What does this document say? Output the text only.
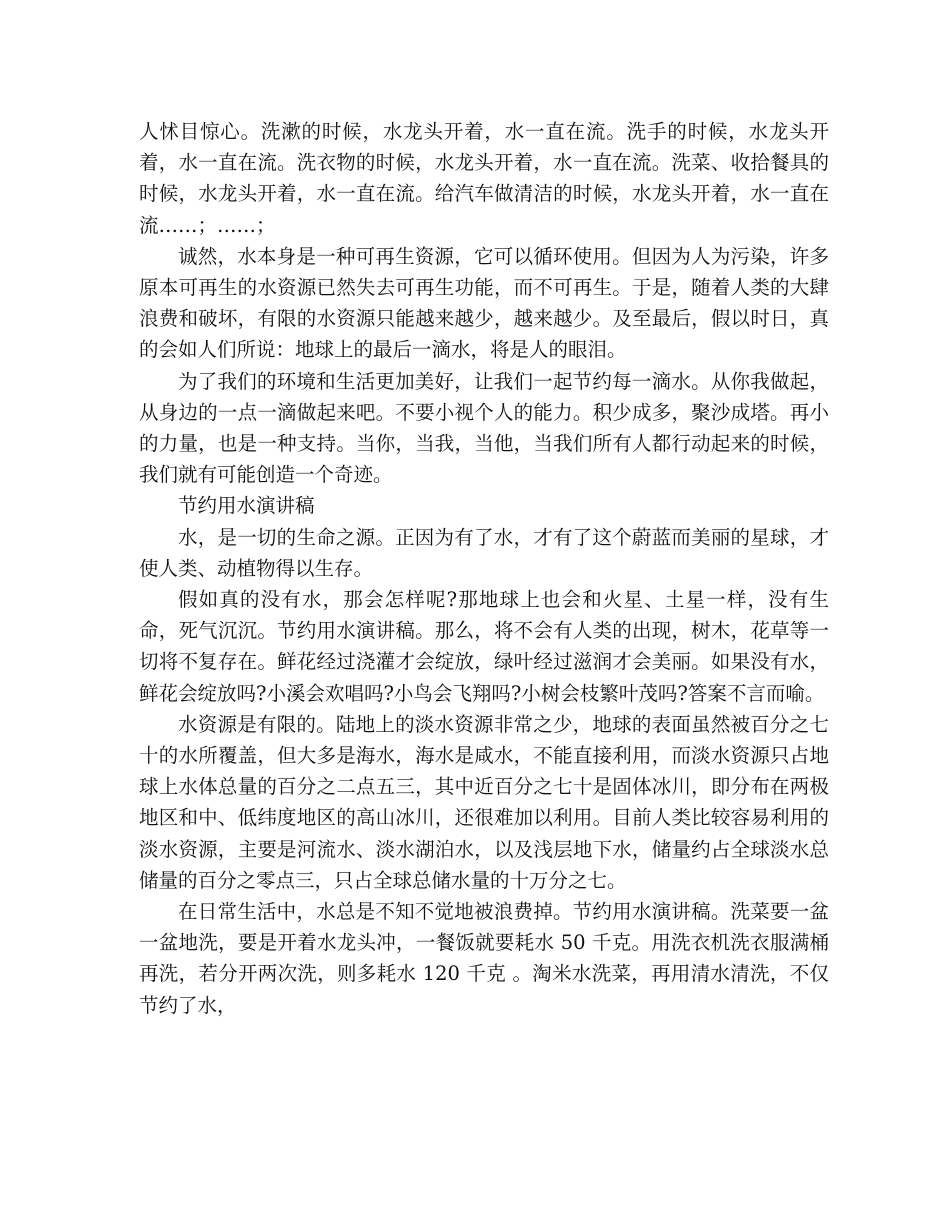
人怵目惊心。洗漱的时候，水龙头开着，水一直在流。洗手的时候，水龙头开着，水一直在流。洗衣物的时候，水龙头开着，水一直在流。洗菜、收拾餐具的时候，水龙头开着，水一直在流。给汽车做清洁的时候，水龙头开着，水一直在流……；……；

诚然，水本身是一种可再生资源，它可以循环使用。但因为人为污染，许多原本可再生的水资源已然失去可再生功能，而不可再生。于是，随着人类的大肆浪费和破坏，有限的水资源只能越来越少，越来越少。及至最后，假以时日，真的会如人们所说：地球上的最后一滴水，将是人的眼泪。

为了我们的环境和生活更加美好，让我们一起节约每一滴水。从你我做起，从身边的一点一滴做起来吧。不要小视个人的能力。积少成多，聚沙成塔。再小的力量，也是一种支持。当你，当我，当他，当我们所有人都行动起来的时候，我们就有可能创造一个奇迹。

节约用水演讲稿

水，是一切的生命之源。正因为有了水，才有了这个蔚蓝而美丽的星球，才使人类、动植物得以生存。

假如真的没有水，那会怎样呢?那地球上也会和火星、土星一样，没有生命，死气沉沉。节约用水演讲稿。那么，将不会有人类的出现，树木，花草等一切将不复存在。鲜花经过浇灌才会绽放，绿叶经过滋润才会美丽。如果没有水，鲜花会绽放吗?小溪会欢唱吗?小鸟会飞翔吗?小树会枝繁叶茂吗?答案不言而喻。

水资源是有限的。陆地上的淡水资源非常之少，地球的表面虽然被百分之七十的水所覆盖，但大多是海水，海水是咸水，不能直接利用，而淡水资源只占地球上水体总量的百分之二点五三，其中近百分之七十是固体冰川，即分布在两极地区和中、低纬度地区的高山冰川，还很难加以利用。目前人类比较容易利用的淡水资源，主要是河流水、淡水湖泊水，以及浅层地下水，储量约占全球淡水总储量的百分之零点三，只占全球总储水量的十万分之七。

在日常生活中，水总是不知不觉地被浪费掉。节约用水演讲稿。洗菜要一盆一盆地洗，要是开着水龙头冲，一餐饭就要耗水 50 千克。用洗衣机洗衣服满桶再洗，若分开两次洗，则多耗水 120 千克 。淘米水洗菜，再用清水清洗，不仅节约了水，
